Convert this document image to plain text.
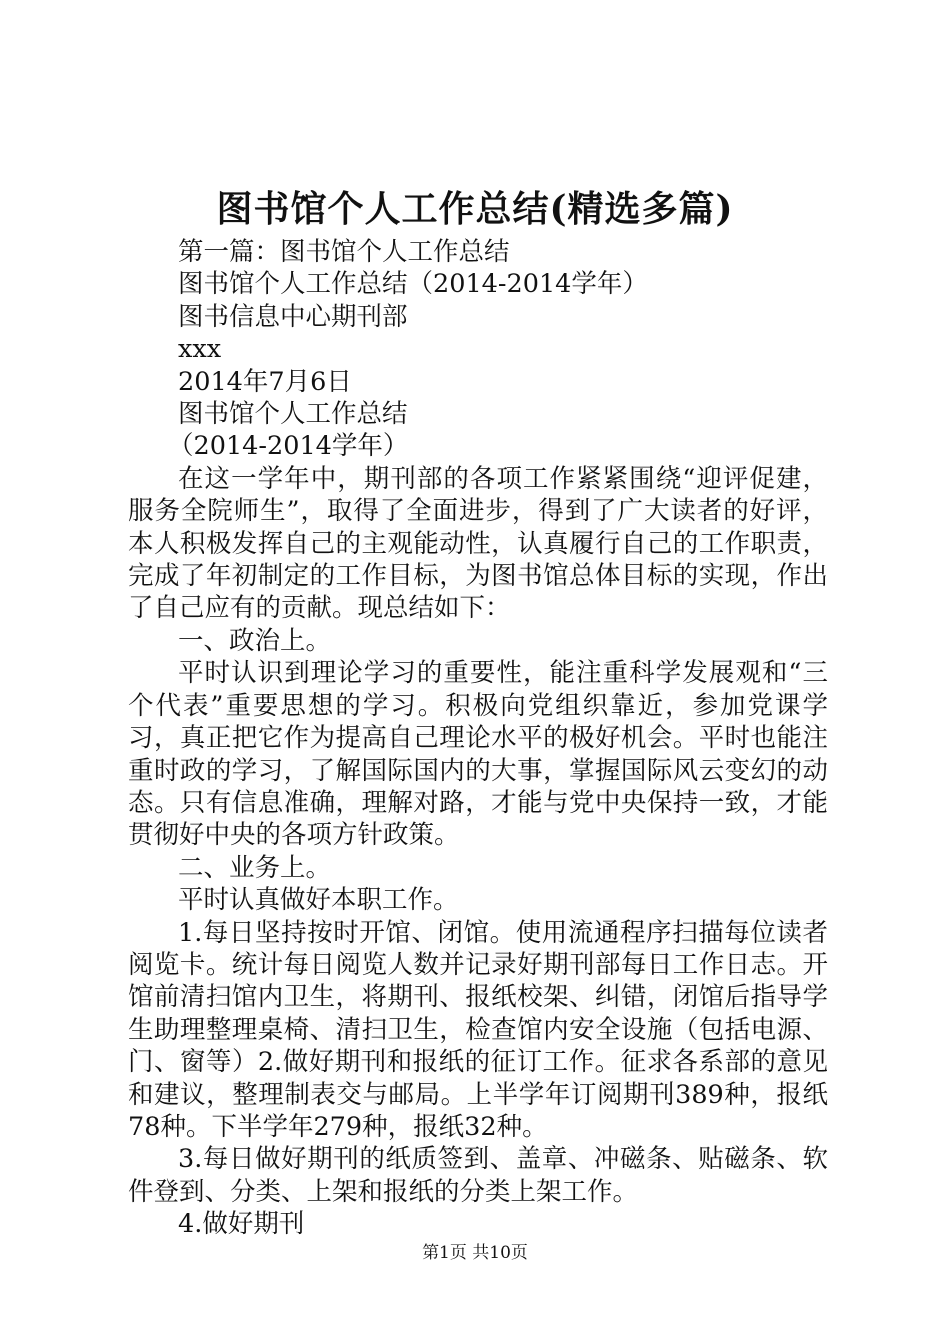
图书馆个人工作总结(精选多篇)
第一篇：图书馆个人工作总结
图书馆个人工作总结（2014-2014学年）
图书信息中心期刊部
xxx
2014年7月6日
图书馆个人工作总结
（2014-2014学年）
在这一学年中，期刊部的各项工作紧紧围绕“迎评促建，服务全院师生”，取得了全面进步，得到了广大读者的好评，本人积极发挥自己的主观能动性，认真履行自己的工作职责，完成了年初制定的工作目标，为图书馆总体目标的实现，作出了自己应有的贡献。现总结如下：
一、政治上。
平时认识到理论学习的重要性，能注重科学发展观和“三个代表”重要思想的学习。积极向党组织靠近，参加党课学习，真正把它作为提高自己理论水平的极好机会。平时也能注重时政的学习，了解国际国内的大事，掌握国际风云变幻的动态。只有信息准确，理解对路，才能与党中央保持一致，才能贯彻好中央的各项方针政策。
二、业务上。
平时认真做好本职工作。
1.每日坚持按时开馆、闭馆。使用流通程序扫描每位读者阅览卡。统计每日阅览人数并记录好期刊部每日工作日志。开馆前清扫馆内卫生，将期刊、报纸校架、纠错，闭馆后指导学生助理整理桌椅、清扫卫生，检查馆内安全设施（包括电源、门、窗等）2.做好期刊和报纸的征订工作。征求各系部的意见和建议，整理制表交与邮局。上半学年订阅期刊389种，报纸78种。下半学年279种，报纸32种。
3.每日做好期刊的纸质签到、盖章、冲磁条、贴磁条、软件登到、分类、上架和报纸的分类上架工作。
4.做好期刊
第1页 共10页
